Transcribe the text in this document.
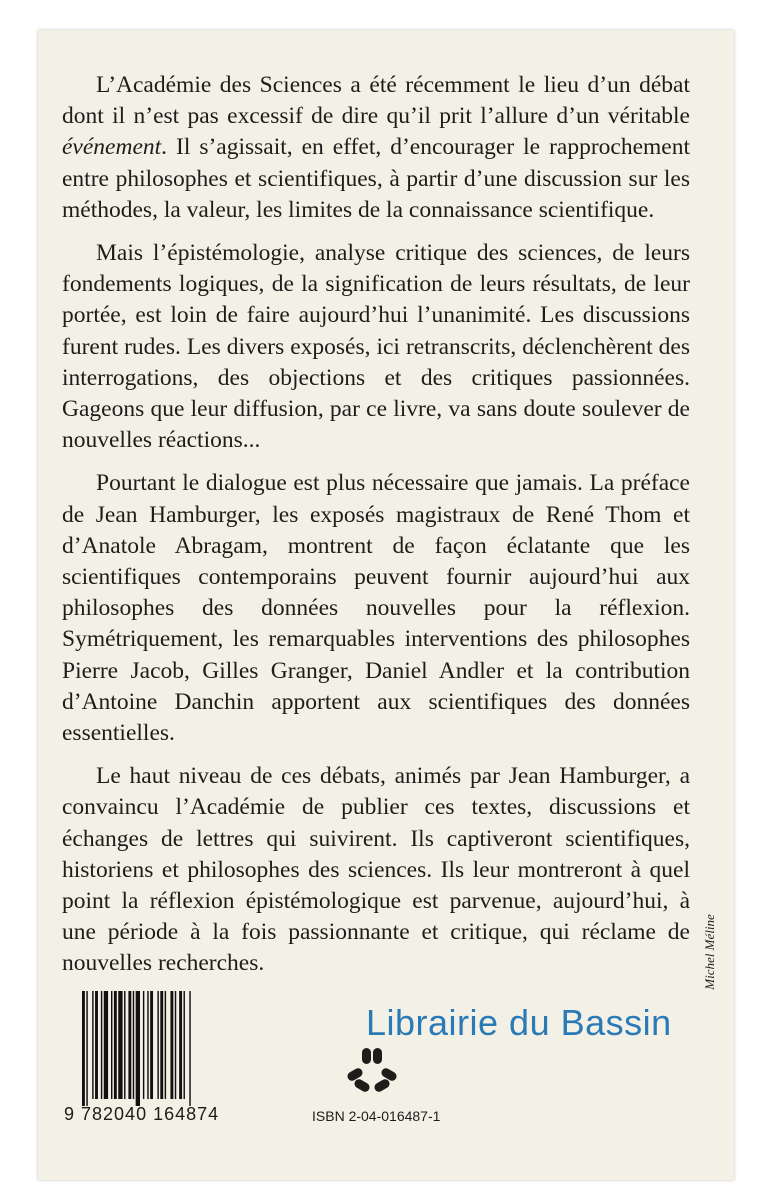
L’Académie des Sciences a été récemment le lieu d’un débat dont il n’est pas excessif de dire qu’il prit l’allure d’un véritable événement. Il s’agissait, en effet, d’encourager le rapprochement entre philosophes et scientifiques, à partir d’une discussion sur les méthodes, la valeur, les limites de la connaissance scientifique.

Mais l’épistémologie, analyse critique des sciences, de leurs fondements logiques, de la signification de leurs résultats, de leur portée, est loin de faire aujourd’hui l’unanimité. Les discussions furent rudes. Les divers exposés, ici retranscrits, déclenchèrent des interrogations, des objections et des critiques passionnées. Gageons que leur diffusion, par ce livre, va sans doute soulever de nouvelles réactions...

Pourtant le dialogue est plus nécessaire que jamais. La préface de Jean Hamburger, les exposés magistraux de René Thom et d’Anatole Abragam, montrent de façon éclatante que les scientifiques contemporains peuvent fournir aujourd’hui aux philosophes des données nouvelles pour la réflexion. Symétriquement, les remarquables interventions des philosophes Pierre Jacob, Gilles Granger, Daniel Andler et la contribution d’Antoine Danchin apportent aux scientifiques des données essentielles.

Le haut niveau de ces débats, animés par Jean Hamburger, a convaincu l’Académie de publier ces textes, discussions et échanges de lettres qui suivirent. Ils captiveront scientifiques, historiens et philosophes des sciences. Ils leur montreront à quel point la réflexion épistémologique est parvenue, aujourd’hui, à une période à la fois passionnante et critique, qui réclame de nouvelles recherches.	Michel Méline
9 782040 164874
Librairie du Bassin
ISBN 2-04-016487-1
